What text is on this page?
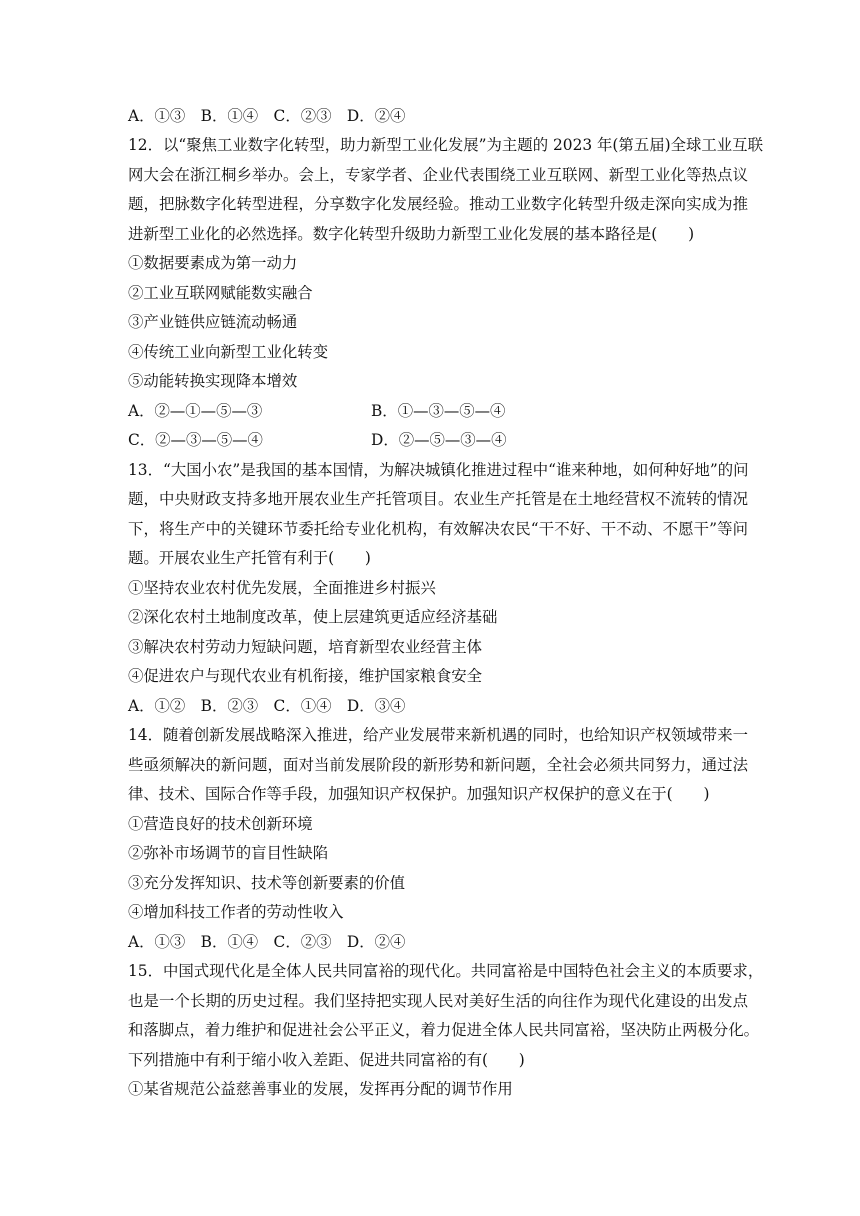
A．①③　B．①④　C．②③　D．②④
12．以“聚焦工业数字化转型，助力新型工业化发展”为主题的 2023 年(第五届)全球工业互联
网大会在浙江桐乡举办。会上，专家学者、企业代表围绕工业互联网、新型工业化等热点议
题，把脉数字化转型进程，分享数字化发展经验。推动工业数字化转型升级走深向实成为推
进新型工业化的必然选择。数字化转型升级助力新型工业化发展的基本路径是(　　)
①数据要素成为第一动力
②工业互联网赋能数实融合
③产业链供应链流动畅通
④传统工业向新型工业化转变
⑤动能转换实现降本增效
A．②—①—⑤—③	B．①—③—⑤—④
C．②—③—⑤—④	D．②—⑤—③—④
13．“大国小农”是我国的基本国情，为解决城镇化推进过程中“谁来种地，如何种好地”的问
题，中央财政支持多地开展农业生产托管项目。农业生产托管是在土地经营权不流转的情况
下，将生产中的关键环节委托给专业化机构，有效解决农民“干不好、干不动、不愿干”等问
题。开展农业生产托管有利于(　　)
①坚持农业农村优先发展，全面推进乡村振兴
②深化农村土地制度改革，使上层建筑更适应经济基础
③解决农村劳动力短缺问题，培育新型农业经营主体
④促进农户与现代农业有机衔接，维护国家粮食安全
A．①②　B．②③　C．①④　D．③④
14．随着创新发展战略深入推进，给产业发展带来新机遇的同时，也给知识产权领域带来一
些亟须解决的新问题，面对当前发展阶段的新形势和新问题，全社会必须共同努力，通过法
律、技术、国际合作等手段，加强知识产权保护。加强知识产权保护的意义在于(　　)
①营造良好的技术创新环境
②弥补市场调节的盲目性缺陷
③充分发挥知识、技术等创新要素的价值
④增加科技工作者的劳动性收入
A．①③　B．①④　C．②③　D．②④
15．中国式现代化是全体人民共同富裕的现代化。共同富裕是中国特色社会主义的本质要求，
也是一个长期的历史过程。我们坚持把实现人民对美好生活的向往作为现代化建设的出发点
和落脚点，着力维护和促进社会公平正义，着力促进全体人民共同富裕，坚决防止两极分化。
下列措施中有利于缩小收入差距、促进共同富裕的有(　　)
①某省规范公益慈善事业的发展，发挥再分配的调节作用
